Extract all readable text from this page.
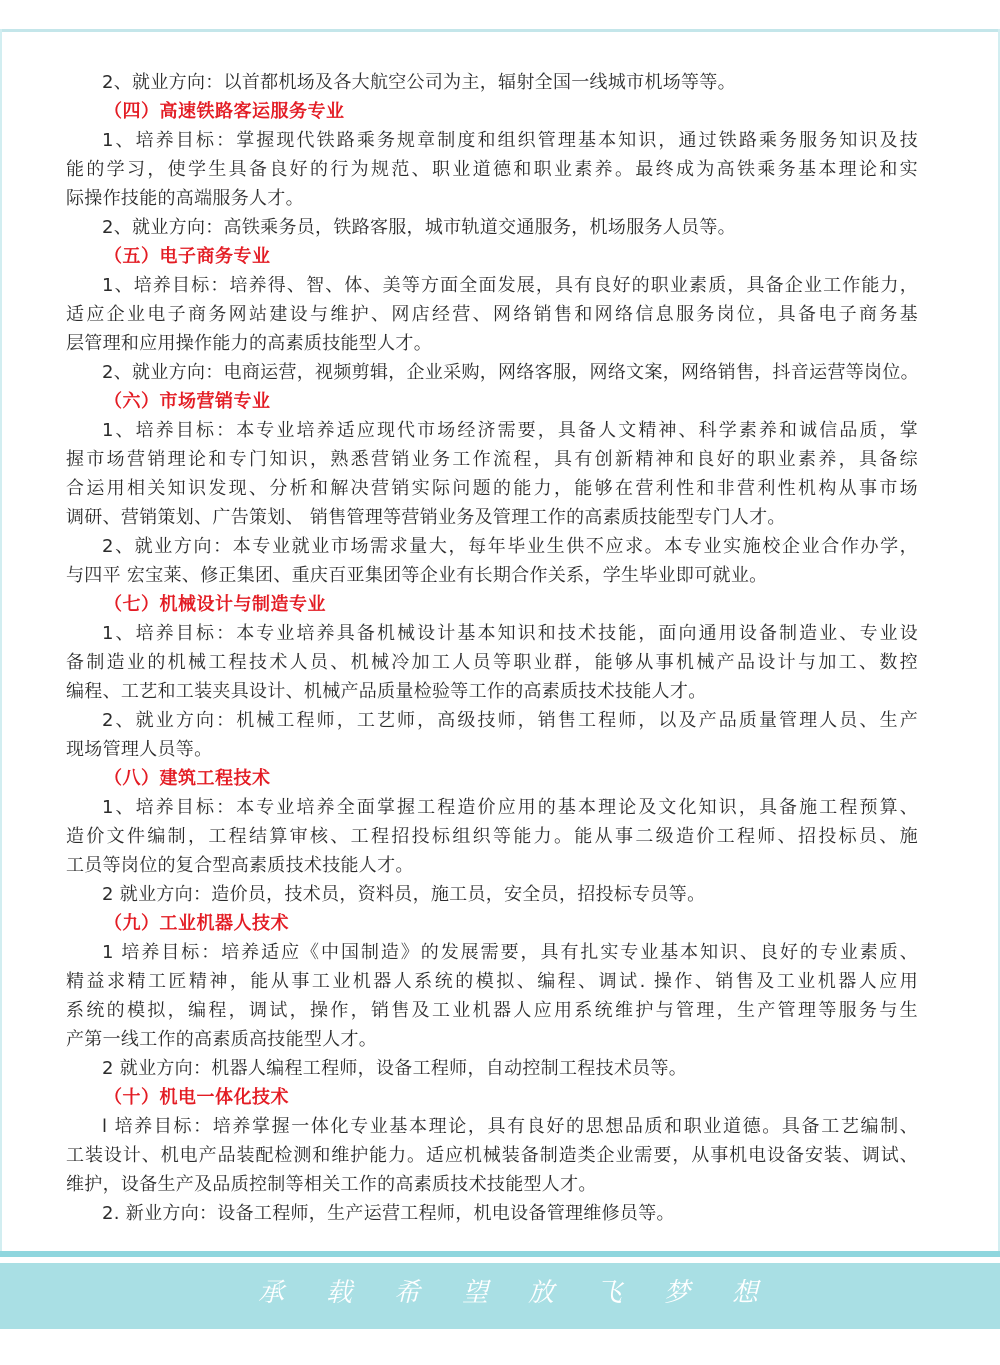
2、就业方向：以首都机场及各大航空公司为主，辐射全国一线城市机场等等。
（四）高速铁路客运服务专业
1、培养目标：掌握现代铁路乘务规章制度和组织管理基本知识，通过铁路乘务服务知识及技
能的学习，使学生具备良好的行为规范、职业道德和职业素养。最终成为高铁乘务基本理论和实
际操作技能的高端服务人才。
2、就业方向：高铁乘务员，铁路客服，城市轨道交通服务，机场服务人员等。
（五）电子商务专业
1、培养目标：培养得、智、体、美等方面全面发展，具有良好的职业素质，具备企业工作能力，
适应企业电子商务网站建设与维护、网店经营、网络销售和网络信息服务岗位，具备电子商务基
层管理和应用操作能力的高素质技能型人才。
2、就业方向：电商运营，视频剪辑，企业采购，网络客服，网络文案，网络销售，抖音运营等岗位。
（六）市场营销专业
1、培养目标：本专业培养适应现代市场经济需要，具备人文精神、科学素养和诚信品质，掌
握市场营销理论和专门知识，熟悉营销业务工作流程，具有创新精神和良好的职业素养，具备综
合运用相关知识发现、分析和解决营销实际问题的能力，能够在营利性和非营利性机构从事市场
调研、营销策划、广告策划、 销售管理等营销业务及管理工作的高素质技能型专门人才。
2、就业方向：本专业就业市场需求量大，每年毕业生供不应求。本专业实施校企业合作办学，
与四平 宏宝莱、修正集团、重庆百亚集团等企业有长期合作关系，学生毕业即可就业。
（七）机械设计与制造专业
1、培养目标：本专业培养具备机械设计基本知识和技术技能，面向通用设备制造业、专业设
备制造业的机械工程技术人员、机械冷加工人员等职业群，能够从事机械产品设计与加工、数控
编程、工艺和工装夹具设计、机械产品质量检验等工作的高素质技术技能人才。
2、就业方向：机械工程师，工艺师，高级技师，销售工程师，以及产品质量管理人员、生产
现场管理人员等。
（八）建筑工程技术
1、培养目标：本专业培养全面掌握工程造价应用的基本理论及文化知识，具备施工程预算、
造价文件编制，工程结算审核、工程招投标组织等能力。能从事二级造价工程师、招投标员、施
工员等岗位的复合型高素质技术技能人才。
2 就业方向：造价员，技术员，资料员，施工员，安全员，招投标专员等。
（九）工业机器人技术
1 培养目标：培养适应《中国制造》的发展需要，具有扎实专业基本知识、良好的专业素质、
精益求精工匠精神，能从事工业机器人系统的模拟、编程、调试. 操作、销售及工业机器人应用
系统的模拟，编程，调试，操作，销售及工业机器人应用系统维护与管理，生产管理等服务与生
产第一线工作的高素质高技能型人才。
2 就业方向：机器人编程工程师，设备工程师，自动控制工程技术员等。
（十）机电一体化技术
l 培养目标：培养掌握一体化专业基本理论，具有良好的思想品质和职业道德。具备工艺编制、
工装设计、机电产品装配检测和维护能力。适应机械装备制造类企业需要，从事机电设备安装、调试、
维护，设备生产及品质控制等相关工作的高素质技术技能型人才。
2. 新业方向：设备工程师，生产运营工程师，机电设备管理维修员等。
承载希望
放飞梦想
